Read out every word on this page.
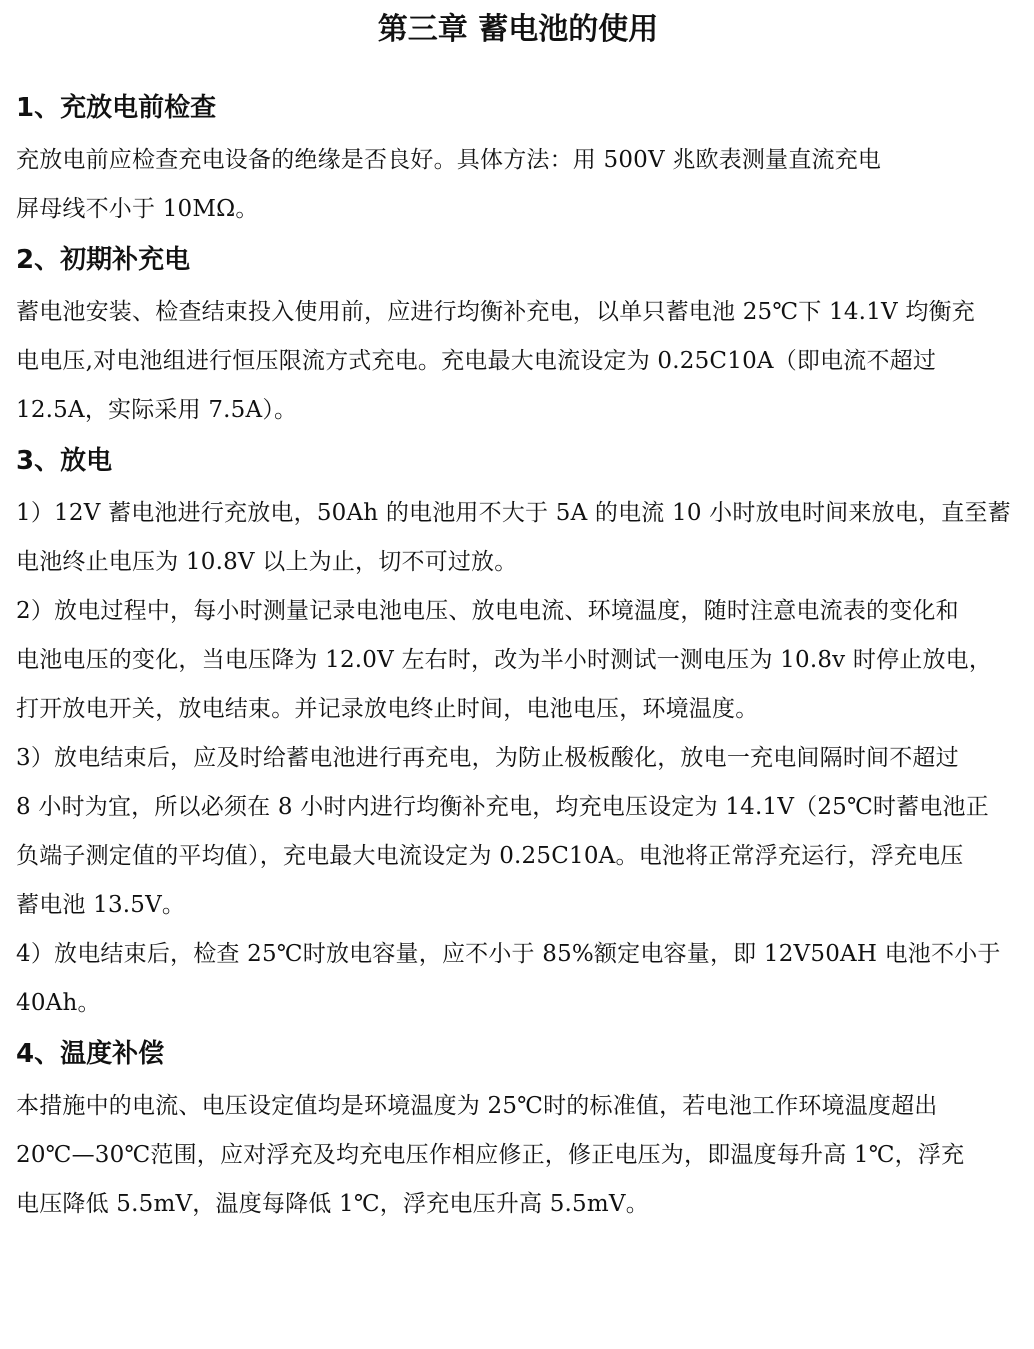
第三章 蓄电池的使用
1、充放电前检查
充放电前应检查充电设备的绝缘是否良好。具体方法：用 500V 兆欧表测量直流充电
屏母线不小于 10MΩ。
2、初期补充电
蓄电池安装、检查结束投入使用前，应进行均衡补充电，以单只蓄电池 25℃下 14.1V 均衡充
电电压,对电池组进行恒压限流方式充电。充电最大电流设定为 0.25C10A（即电流不超过
12.5A，实际采用 7.5A）。
3、放电
1）12V 蓄电池进行充放电，50Ah 的电池用不大于 5A 的电流 10 小时放电时间来放电，直至蓄
电池终止电压为 10.8V 以上为止，切不可过放。
2）放电过程中，每小时测量记录电池电压、放电电流、环境温度，随时注意电流表的变化和
电池电压的变化，当电压降为 12.0V 左右时，改为半小时测试一测电压为 10.8v 时停止放电，
打开放电开关，放电结束。并记录放电终止时间，电池电压，环境温度。
3）放电结束后，应及时给蓄电池进行再充电，为防止极板酸化，放电一充电间隔时间不超过
8 小时为宜，所以必须在 8 小时内进行均衡补充电，均充电压设定为 14.1V（25℃时蓄电池正
负端子测定值的平均值），充电最大电流设定为 0.25C10A。电池将正常浮充运行，浮充电压
蓄电池 13.5V。
4）放电结束后，检查 25℃时放电容量，应不小于 85%额定电容量，即 12V50AH 电池不小于
40Ah。
4、温度补偿
本措施中的电流、电压设定值均是环境温度为 25℃时的标准值，若电池工作环境温度超出
20℃—30℃范围，应对浮充及均充电压作相应修正，修正电压为，即温度每升高 1℃，浮充
电压降低 5.5mV，温度每降低 1℃，浮充电压升高 5.5mV。
